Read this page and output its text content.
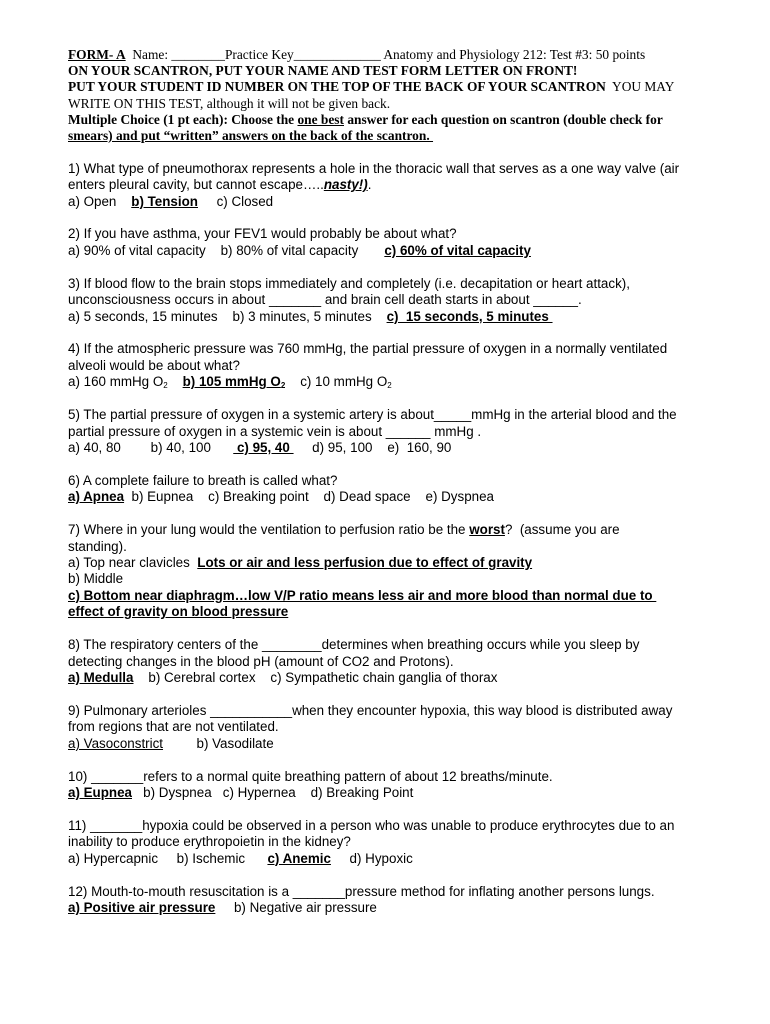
FORM- A  Name: ________Practice Key_____________ Anatomy and Physiology 212: Test #3: 50 points
ON YOUR SCANTRON, PUT YOUR NAME AND TEST FORM LETTER ON FRONT!
PUT YOUR STUDENT ID NUMBER ON THE TOP OF THE BACK OF YOUR SCANTRON  YOU MAY
WRITE ON THIS TEST, although it will not be given back.
Multiple Choice (1 pt each): Choose the one best answer for each question on scantron (double check for
smears) and put “written” answers on the back of the scantron.
1) What type of pneumothorax represents a hole in the thoracic wall that serves as a one way valve (air
enters pleural cavity, but cannot escape…..nasty!).
a) Open    b) Tension     c) Closed
2) If you have asthma, your FEV1 would probably be about what?
a) 90% of vital capacity    b) 80% of vital capacity       c) 60% of vital capacity
3) If blood flow to the brain stops immediately and completely (i.e. decapitation or heart attack),
unconsciousness occurs in about _______ and brain cell death starts in about ______.
a) 5 seconds, 15 minutes    b) 3 minutes, 5 minutes    c)  15 seconds, 5 minutes
4) If the atmospheric pressure was 760 mmHg, the partial pressure of oxygen in a normally ventilated
alveoli would be about what?
a) 160 mmHg $O_2$ b) 105 mmHg $O_2$ c) 10 mmHg $O_2$
5) The partial pressure of oxygen in a systemic artery is about_____mmHg in the arterial blood and the
partial pressure of oxygen in a systemic vein is about ______ mmHg .
a) 40, 80        b) 40, 100       c) 95, 40      d) 95, 100    e)  160, 90
6) A complete failure to breath is called what?
a) Apnea  b) Eupnea    c) Breaking point    d) Dead space    e) Dyspnea
7) Where in your lung would the ventilation to perfusion ratio be the worst?  (assume you are
standing).
a) Top near clavicles  Lots or air and less perfusion due to effect of gravity
b) Middle
c) Bottom near diaphragm…low V/P ratio means less air and more blood than normal due to
effect of gravity on blood pressure
8) The respiratory centers of the ________determines when breathing occurs while you sleep by
detecting changes in the blood pH (amount of CO2 and Protons).
a) Medulla    b) Cerebral cortex    c) Sympathetic chain ganglia of thorax
9) Pulmonary arterioles ___________when they encounter hypoxia, this way blood is distributed away
from regions that are not ventilated.
a) Vasoconstrict         b) Vasodilate
10) _______refers to a normal quite breathing pattern of about 12 breaths/minute.
a) Eupnea   b) Dyspnea   c) Hypernea    d) Breaking Point
11) _______hypoxia could be observed in a person who was unable to produce erythrocytes due to an
inability to produce erythropoietin in the kidney?
a) Hypercapnic     b) Ischemic      c) Anemic     d) Hypoxic
12) Mouth-to-mouth resuscitation is a _______pressure method for inflating another persons lungs.
a) Positive air pressure     b) Negative air pressure
